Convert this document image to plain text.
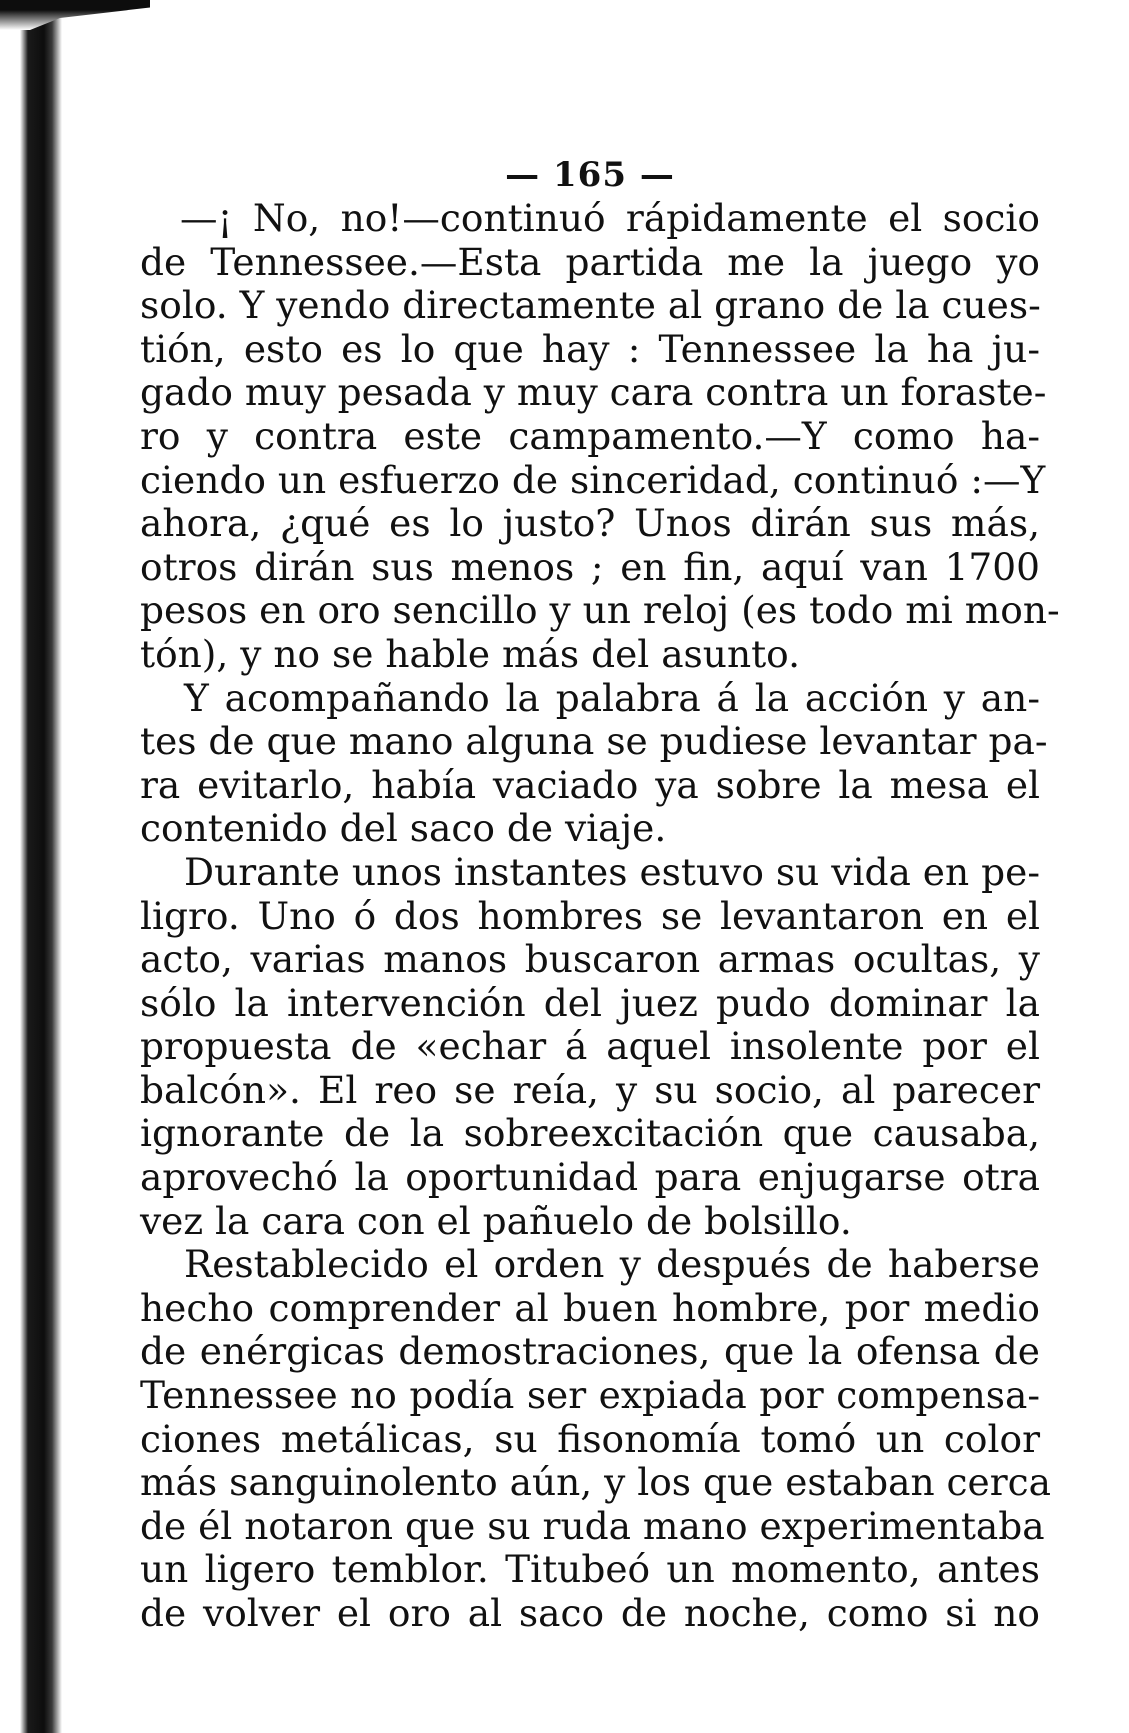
— 165 —
—¡ No, no!—continuó rápidamente el socio
de Tennessee.—Esta partida me la juego yo
solo. Y yendo directamente al grano de la cues-
tión, esto es lo que hay : Tennessee la ha ju-
gado muy pesada y muy cara contra un foraste-
ro y contra este campamento.—Y como ha-
ciendo un esfuerzo de sinceridad, continuó :—Y
ahora, ¿qué es lo justo? Unos dirán sus más,
otros dirán sus menos ; en fin, aquí van 1700
pesos en oro sencillo y un reloj (es todo mi mon-
tón), y no se hable más del asunto.
Y acompañando la palabra á la acción y an-
tes de que mano alguna se pudiese levantar pa-
ra evitarlo, había vaciado ya sobre la mesa el
contenido del saco de viaje.
Durante unos instantes estuvo su vida en pe-
ligro. Uno ó dos hombres se levantaron en el
acto, varias manos buscaron armas ocultas, y
sólo la intervención del juez pudo dominar la
propuesta de «echar á aquel insolente por el
balcón». El reo se reía, y su socio, al parecer
ignorante de la sobreexcitación que causaba,
aprovechó la oportunidad para enjugarse otra
vez la cara con el pañuelo de bolsillo.
Restablecido el orden y después de haberse
hecho comprender al buen hombre, por medio
de enérgicas demostraciones, que la ofensa de
Tennessee no podía ser expiada por compensa-
ciones metálicas, su fisonomía tomó un color
más sanguinolento aún, y los que estaban cerca
de él notaron que su ruda mano experimentaba
un ligero temblor. Titubeó un momento, antes
de volver el oro al saco de noche, como si no
